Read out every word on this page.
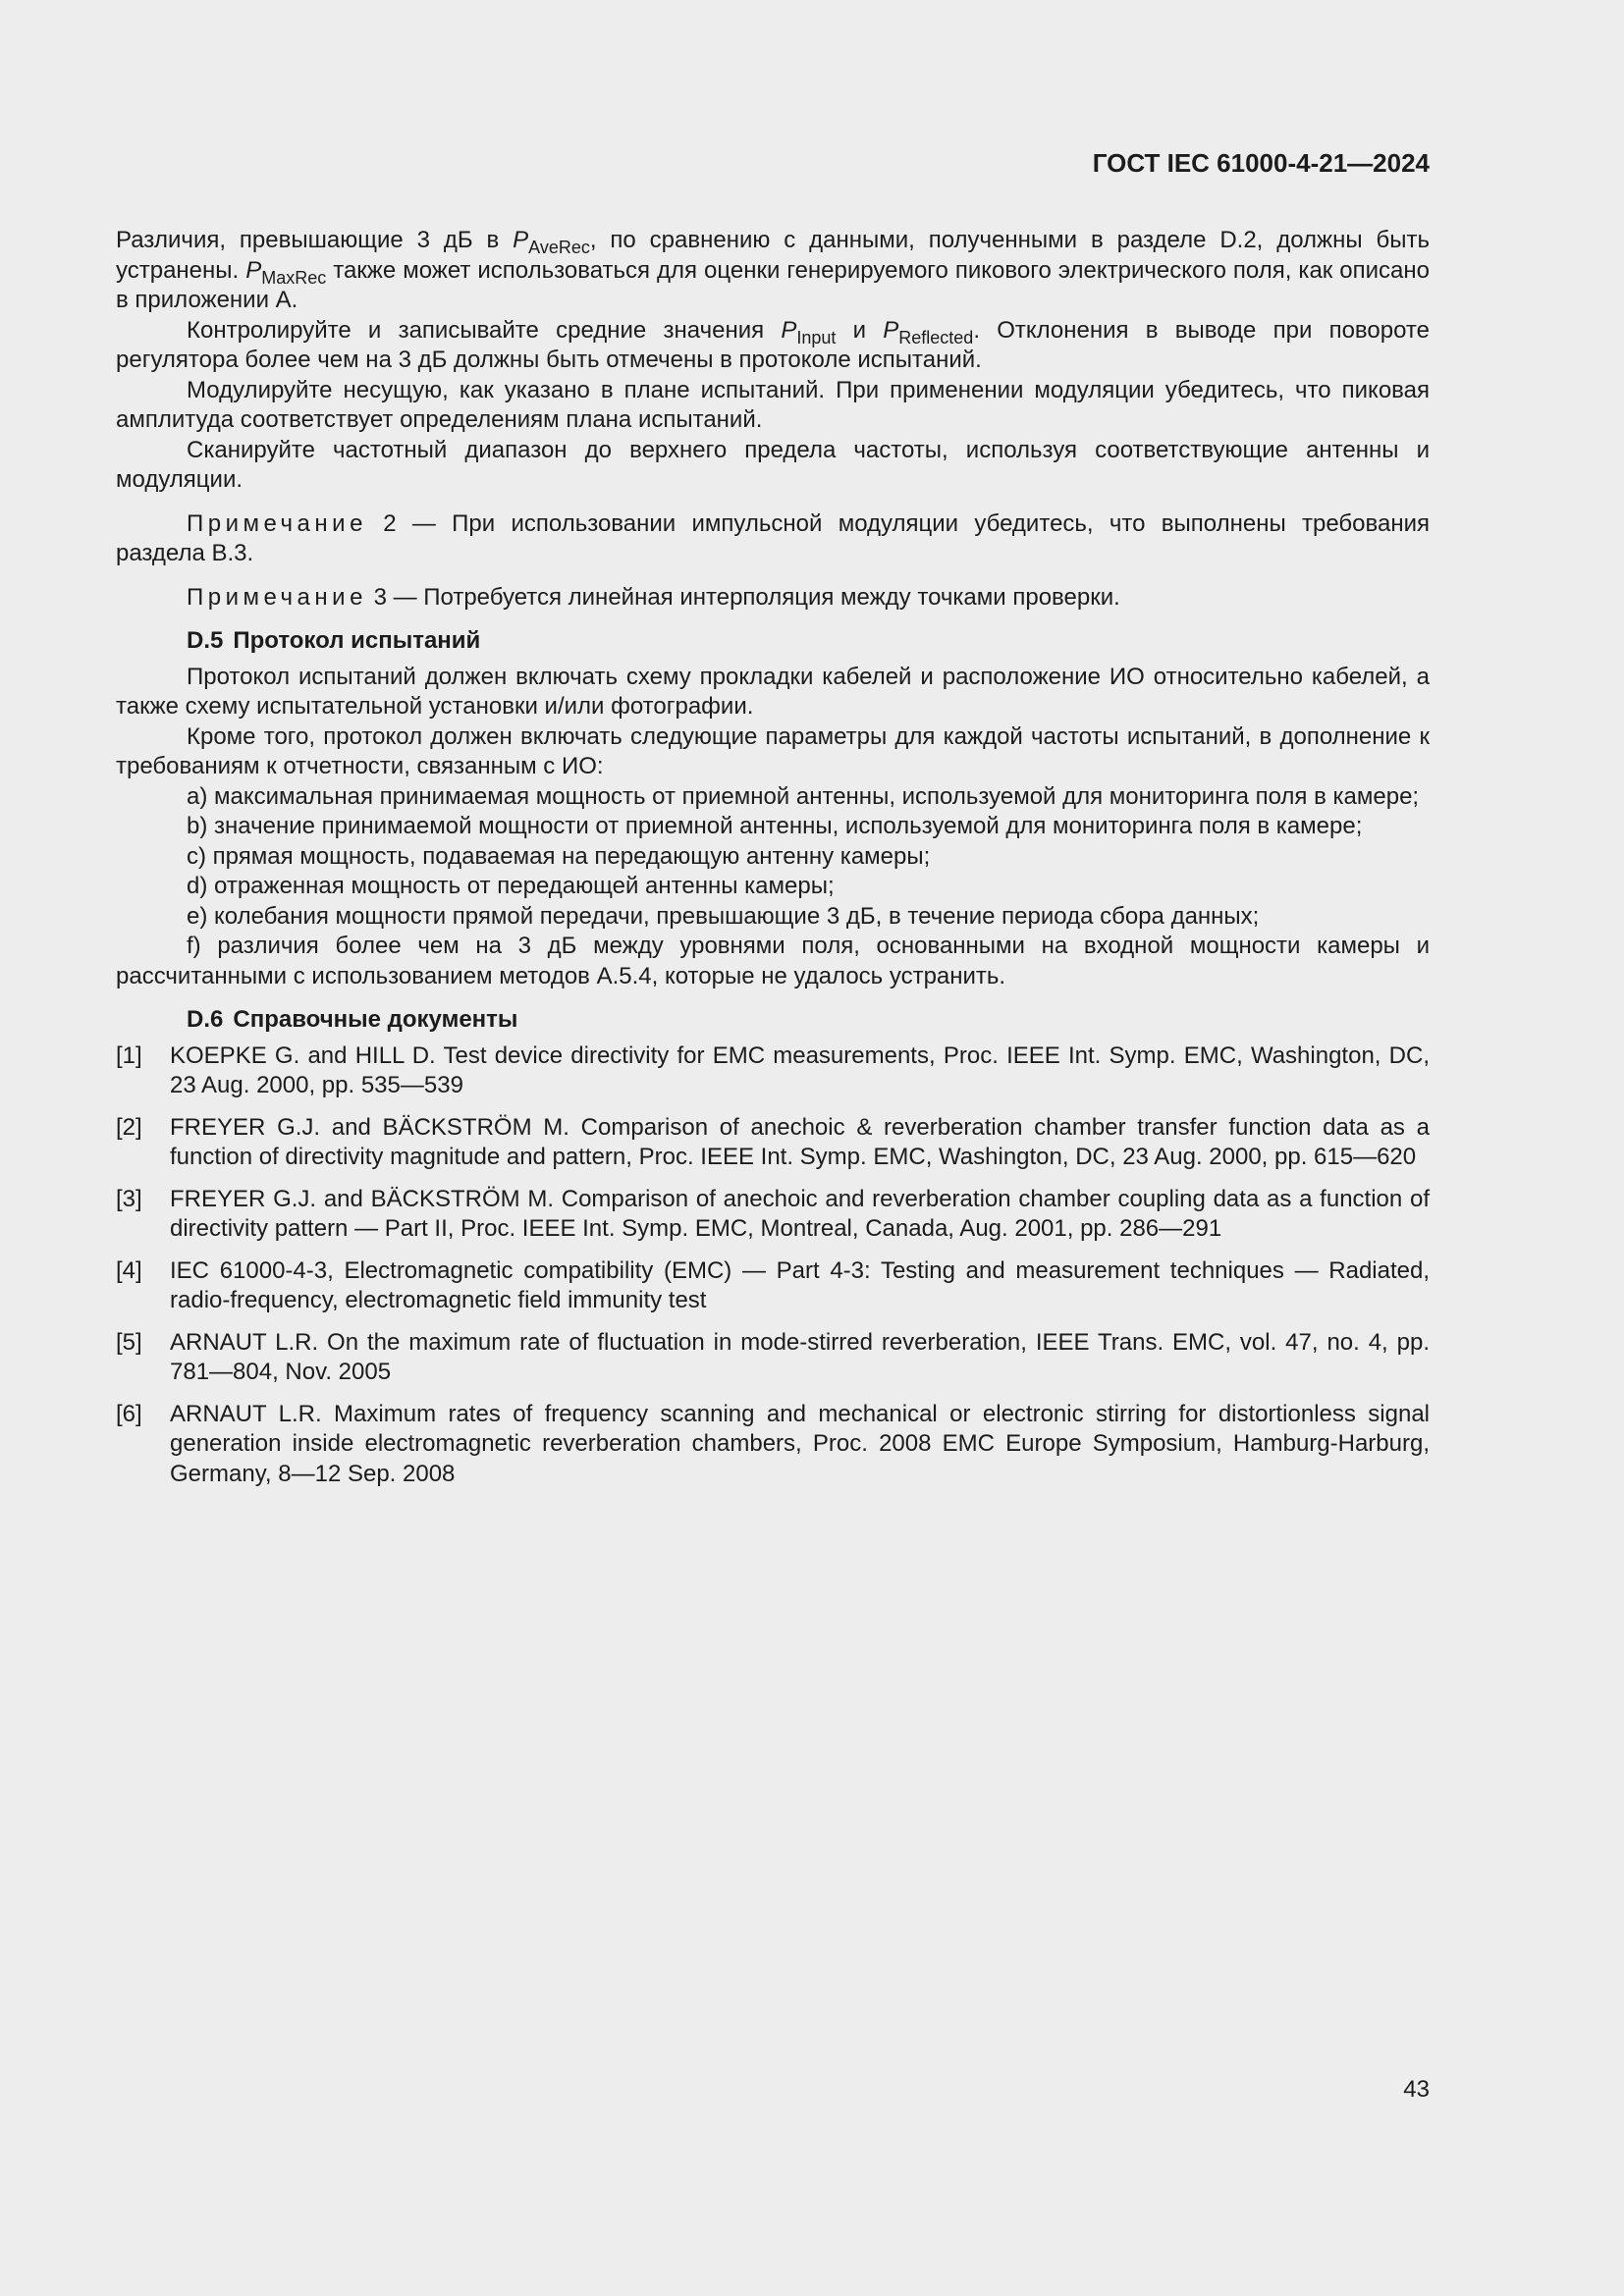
ГОСТ IEC 61000-4-21—2024

Различия, превышающие 3 дБ в $P_{AveRec}$, по сравнению с данными, полученными в разделе D.2, должны быть устранены. $P_{MaxRec}$ также может использоваться для оценки генерируемого пикового электрического поля, как описано в приложении А.

Контролируйте и записывайте средние значения $P_{Input}$ и $P_{Reflected}$. Отклонения в выводе при повороте регулятора более чем на 3 дБ должны быть отмечены в протоколе испытаний.

Модулируйте несущую, как указано в плане испытаний. При применении модуляции убедитесь, что пиковая амплитуда соответствует определениям плана испытаний.

Сканируйте частотный диапазон до верхнего предела частоты, используя соответствующие антенны и модуляции.

Примечание 2 — При использовании импульсной модуляции убедитесь, что выполнены требования раздела В.3.

Примечание 3 — Потребуется линейная интерполяция между точками проверки.

D.5 Протокол испытаний

Протокол испытаний должен включать схему прокладки кабелей и расположение ИО относительно кабелей, а также схему испытательной установки и/или фотографии.

Кроме того, протокол должен включать следующие параметры для каждой частоты испытаний, в дополнение к требованиям к отчетности, связанным с ИО:

a) максимальная принимаемая мощность от приемной антенны, используемой для мониторинга поля в камере;

b) значение принимаемой мощности от приемной антенны, используемой для мониторинга поля в камере;

c) прямая мощность, подаваемая на передающую антенну камеры;

d) отраженная мощность от передающей антенны камеры;

e) колебания мощности прямой передачи, превышающие 3 дБ, в течение периода сбора данных;

f) различия более чем на 3 дБ между уровнями поля, основанными на входной мощности камеры и рассчитанными с использованием методов А.5.4, которые не удалось устранить.

D.6 Справочные документы
[1]	KOEPKE G. and HILL D. Test device directivity for EMC measurements, Proc. IEEE Int. Symp. EMC, Washington, DC, 23 Aug. 2000, pp. 535—539
[2]	FREYER G.J. and BÄCKSTRÖM M. Comparison of anechoic & reverberation chamber transfer function data as a function of directivity magnitude and pattern, Proc. IEEE Int. Symp. EMC, Washington, DC, 23 Aug. 2000, pp. 615—620
[3]	FREYER G.J. and BÄCKSTRÖM M. Comparison of anechoic and reverberation chamber coupling data as a function of directivity pattern — Part II, Proc. IEEE Int. Symp. EMC, Montreal, Canada, Aug. 2001, pp. 286—291
[4]	IEC 61000-4-3, Electromagnetic compatibility (EMC) — Part 4-3: Testing and measurement techniques — Radiated, radio-frequency, electromagnetic field immunity test
[5]	ARNAUT L.R. On the maximum rate of fluctuation in mode-stirred reverberation, IEEE Trans. EMC, vol. 47, no. 4, pp. 781—804, Nov. 2005
[6]	ARNAUT L.R. Maximum rates of frequency scanning and mechanical or electronic stirring for distortionless signal generation inside electromagnetic reverberation chambers, Proc. 2008 EMC Europe Symposium, Hamburg-Harburg, Germany, 8—12 Sep. 2008
43
